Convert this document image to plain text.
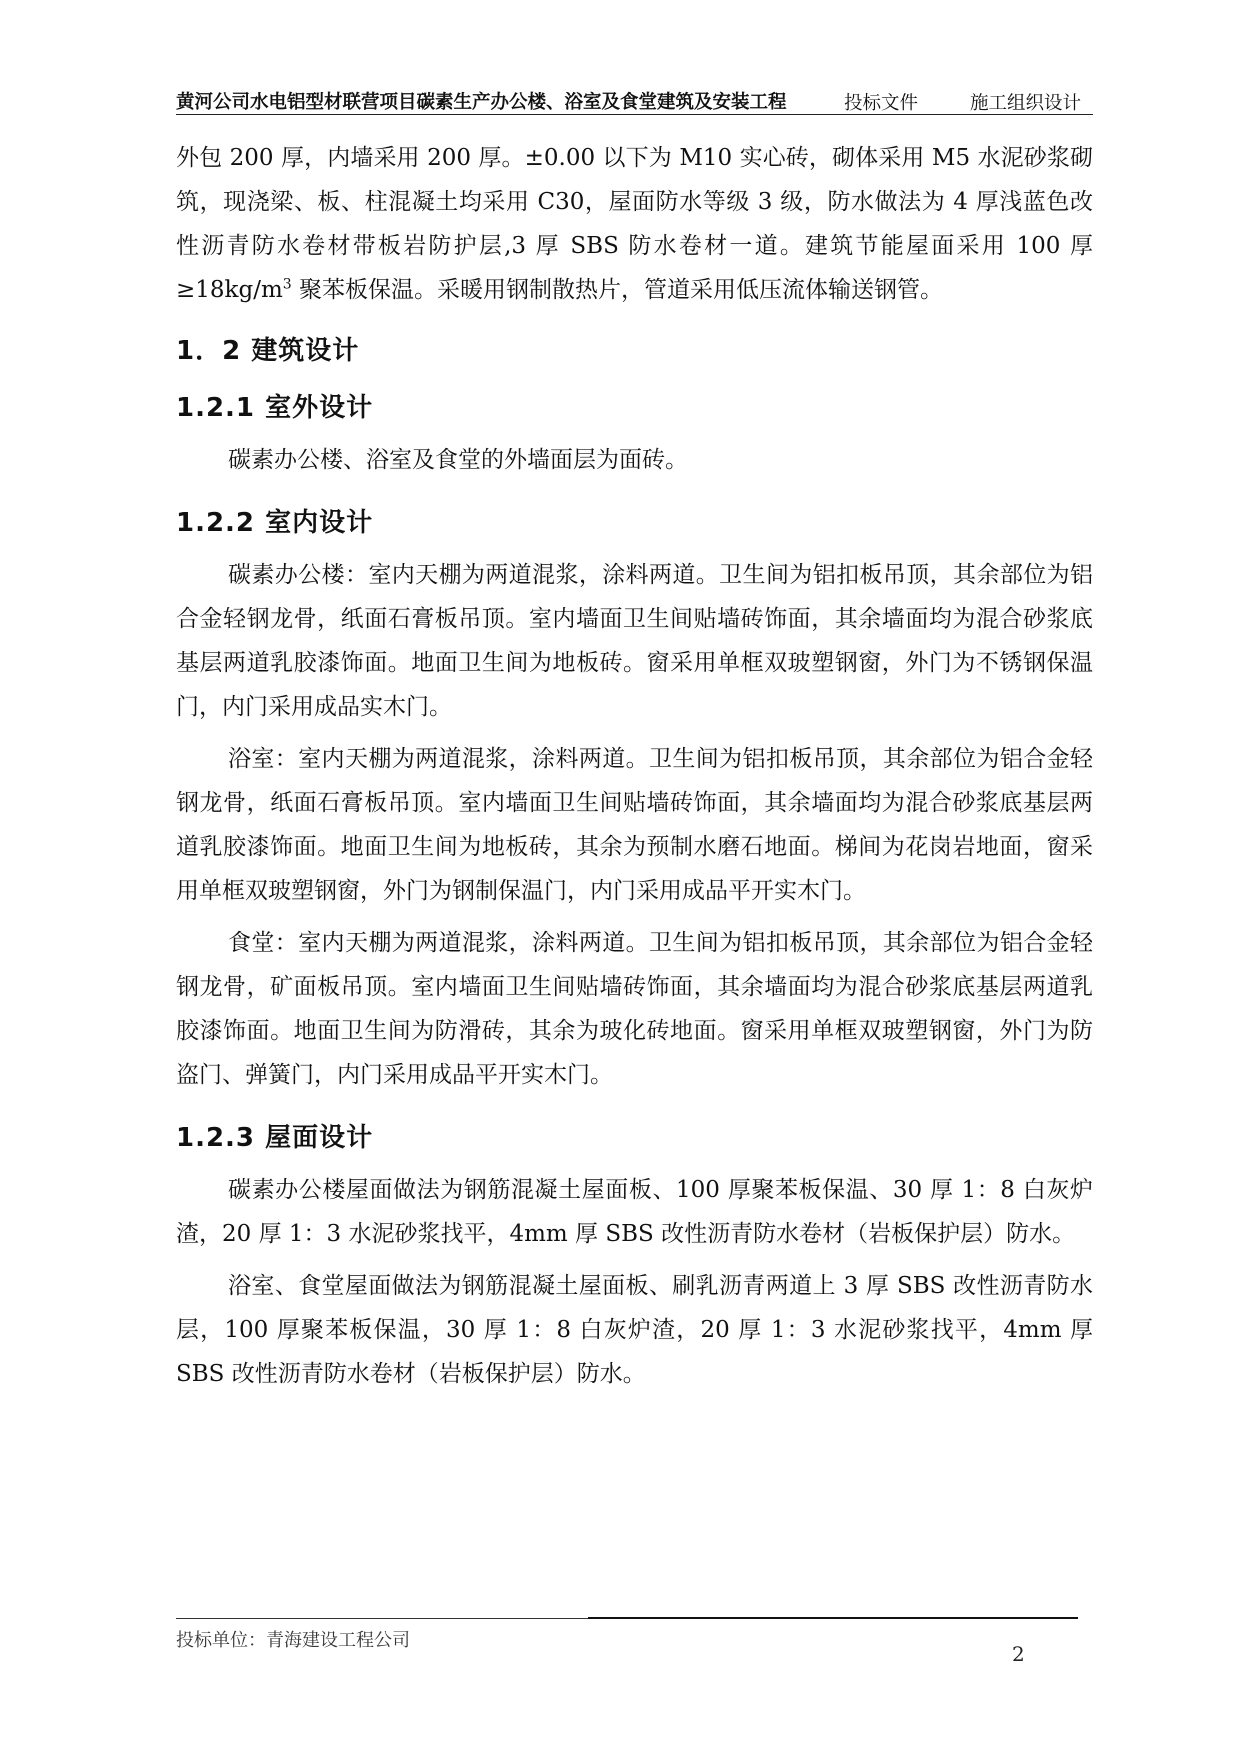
黄河公司水电铝型材联营项目碳素生产办公楼、浴室及食堂建筑及安装工程	投标文件	施工组织设计

外包 200 厚，内墙采用 200 厚。±0.00 以下为 M10 实心砖，砌体采用 M5 水泥砂浆砌筑，现浇梁、板、柱混凝土均采用 C30，屋面防水等级 3 级，防水做法为 4 厚浅蓝色改性沥青防水卷材带板岩防护层,3 厚 SBS 防水卷材一道。建筑节能屋面采用 100 厚$\ge 18kg/m^3$ 聚苯板保温。采暖用钢制散热片，管道采用低压流体输送钢管。

1．2 建筑设计
1.2.1 室外设计

碳素办公楼、浴室及食堂的外墙面层为面砖。

1.2.2 室内设计

碳素办公楼：室内天棚为两道混浆，涂料两道。卫生间为铝扣板吊顶，其余部位为铝合金轻钢龙骨，纸面石膏板吊顶。室内墙面卫生间贴墙砖饰面，其余墙面均为混合砂浆底基层两道乳胶漆饰面。地面卫生间为地板砖。窗采用单框双玻塑钢窗，外门为不锈钢保温门，内门采用成品实木门。

浴室：室内天棚为两道混浆，涂料两道。卫生间为铝扣板吊顶，其余部位为铝合金轻钢龙骨，纸面石膏板吊顶。室内墙面卫生间贴墙砖饰面，其余墙面均为混合砂浆底基层两道乳胶漆饰面。地面卫生间为地板砖，其余为预制水磨石地面。梯间为花岗岩地面，窗采用单框双玻塑钢窗，外门为钢制保温门，内门采用成品平开实木门。

食堂：室内天棚为两道混浆，涂料两道。卫生间为铝扣板吊顶，其余部位为铝合金轻钢龙骨，矿面板吊顶。室内墙面卫生间贴墙砖饰面，其余墙面均为混合砂浆底基层两道乳胶漆饰面。地面卫生间为防滑砖，其余为玻化砖地面。窗采用单框双玻塑钢窗，外门为防盗门、弹簧门，内门采用成品平开实木门。

1.2.3 屋面设计

碳素办公楼屋面做法为钢筋混凝土屋面板、100 厚聚苯板保温、30 厚 1：8 白灰炉渣，20 厚 1：3 水泥砂浆找平，4mm 厚 SBS 改性沥青防水卷材（岩板保护层）防水。

浴室、食堂屋面做法为钢筋混凝土屋面板、刷乳沥青两道上 3 厚 SBS 改性沥青防水层，100 厚聚苯板保温，30 厚 1：8 白灰炉渣，20 厚 1：3 水泥砂浆找平，4mm 厚 SBS 改性沥青防水卷材（岩板保护层）防水。

投标单位：青海建设工程公司
2
